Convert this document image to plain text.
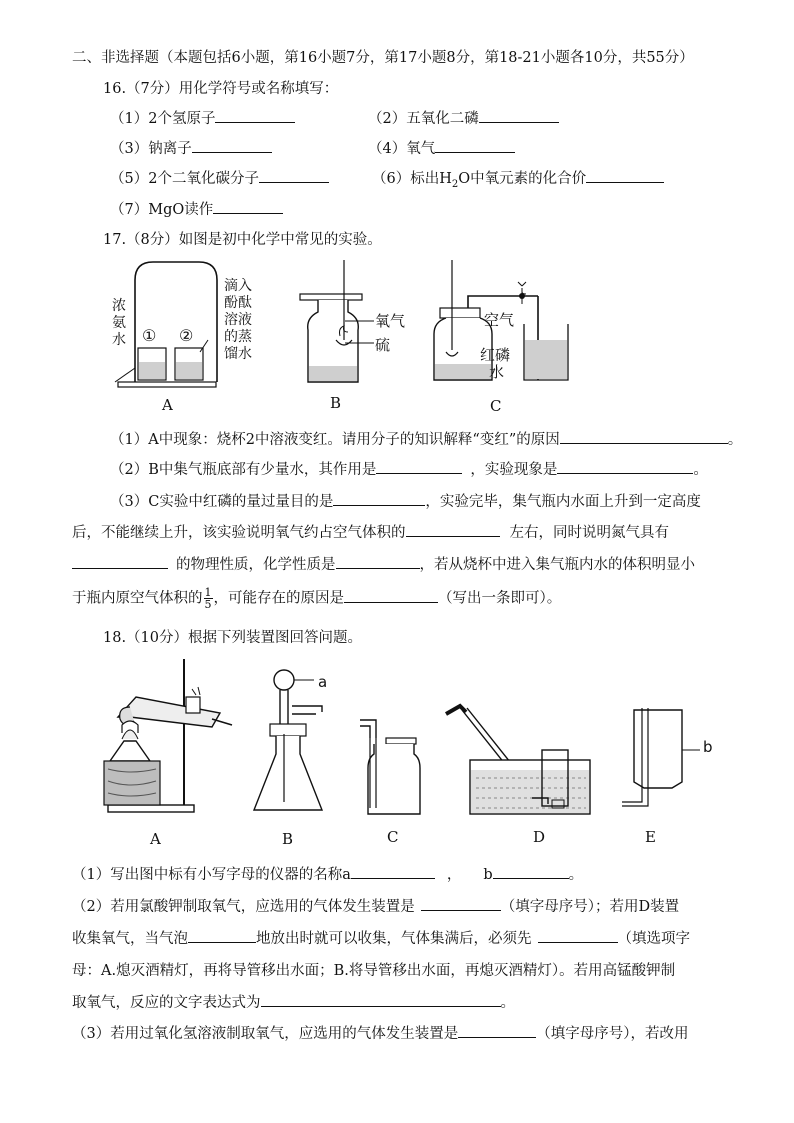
二、非选择题（本题包括6小题，第16小题7分，第17小题8分，第18-21小题各10分，共55分）
16.（7分）用化学符号或名称填写：
（1）2个氢原子	（2）五氧化二磷
（3）钠离子	（4）氧气
（5）2个二氧化碳分子	（6）标出$H_2O$中氧元素的化合价
（7）MgO读作
17.（8分）如图是初中化学中常见的实验。
浓
氨
水 ① ②
滴入
酚酞
溶液
的蒸
馏水
A
氧气
硫
B
空气
红磷
水
C
（1）A中现象：烧杯2中溶液变红。请用分子的知识解释“变红”的原因	。
（2）B中集气瓶底部有少量水，其作用是	，实验现象是	。
（3）C实验中红磷的量过量目的是	，实验完毕，集气瓶内水面上升到一定高度
后，不能继续上升，该实验说明氧气约占空气体积的	左右，同时说明氮气具有
的物理性质，化学性质是	，若从烧杯中进入集气瓶内水的体积明显小
于瓶内原空气体积的 $\frac{1}{5}$ ，可能存在的原因是	（写出一条即可）。
18.（10分）根据下列装置图回答问题。
A
a
B	C	D
b
E
（1）写出图中标有小写字母的仪器的名称a	， b	。
（2）若用氯酸钾制取氧气，应选用的气体发生装置是	（填字母序号）；若用D装置
收集氧气，当气泡	地放出时就可以收集，气体集满后，必须先	（填选项字
母：A.熄灭酒精灯，再将导管移出水面；B.将导管移出水面，再熄灭酒精灯）。若用高锰酸钾制
取氧气，反应的文字表达式为	。
（3）若用过氧化氢溶液制取氧气，应选用的气体发生装置是	（填字母序号），若改用
